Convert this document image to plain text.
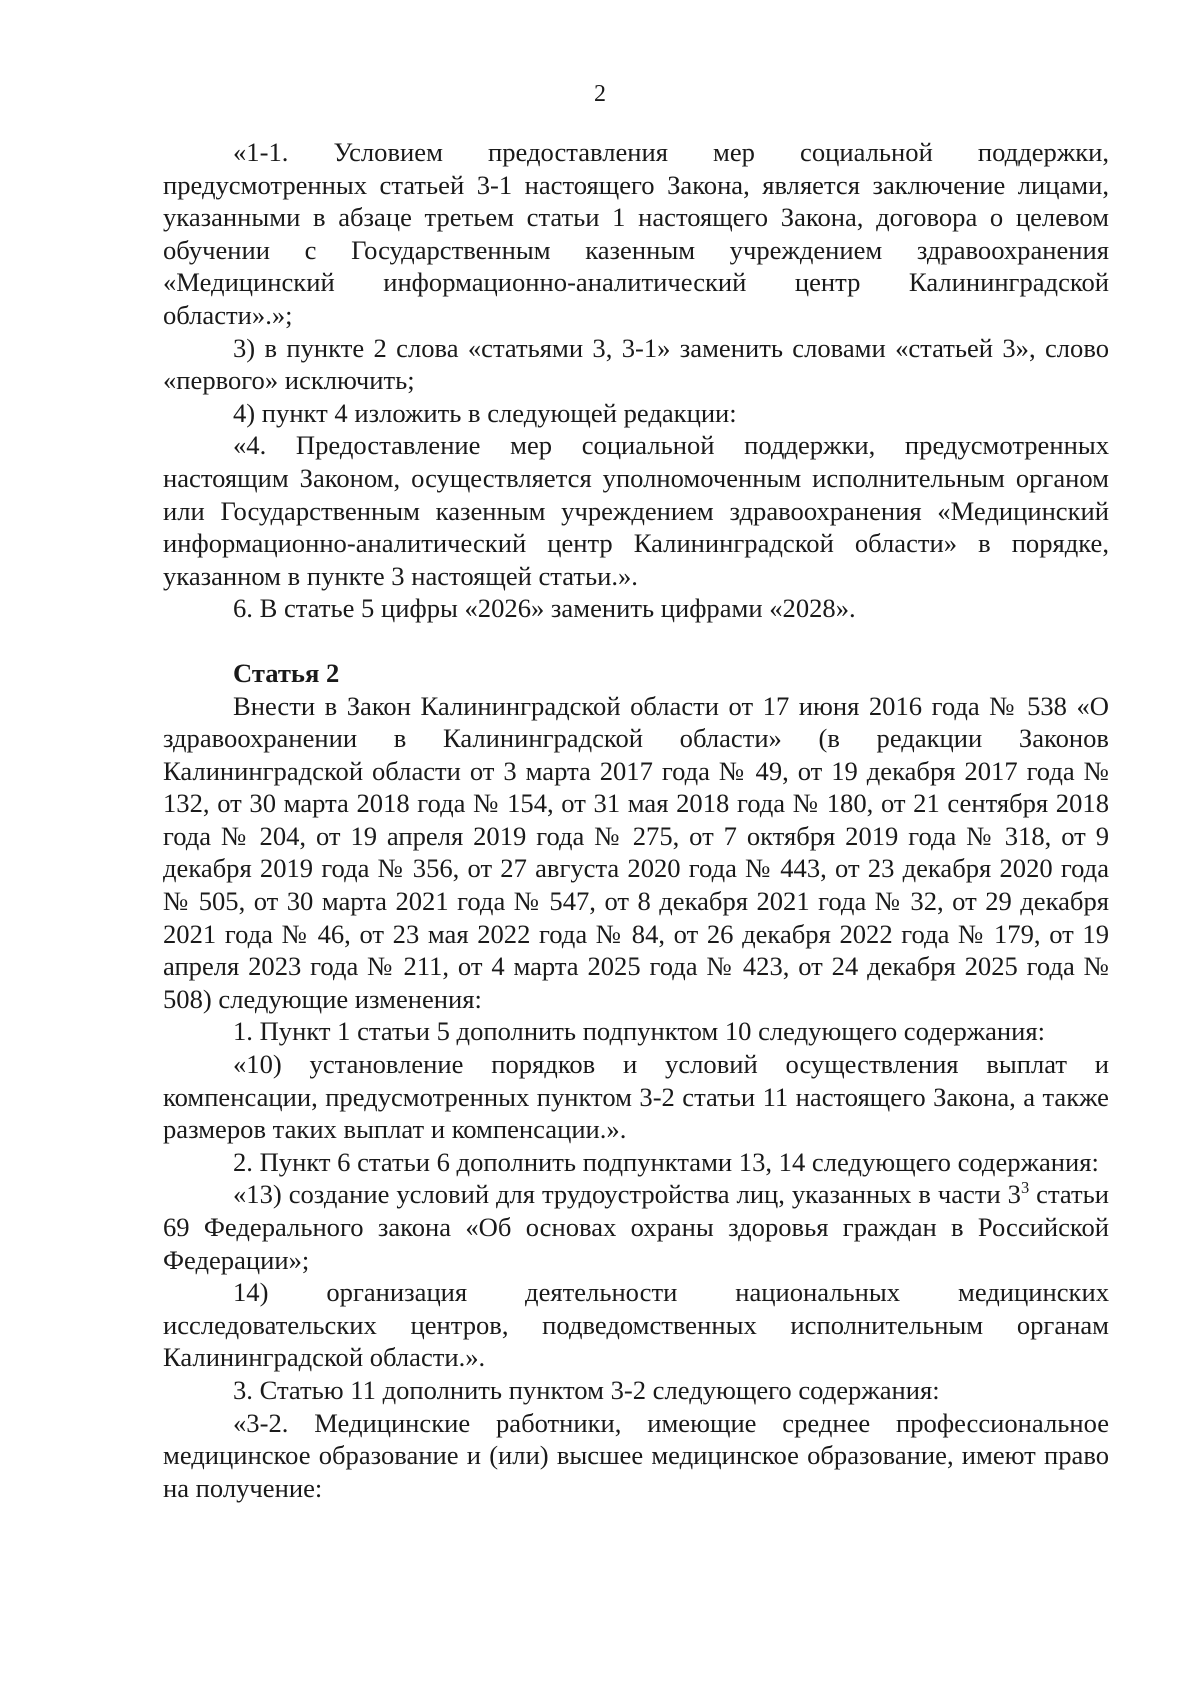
2

«1-1. Условием предоставления мер социальной поддержки, предусмотренных статьей 3-1 настоящего Закона, является заключение лицами, указанными в абзаце третьем статьи 1 настоящего Закона, договора о целевом обучении с Государственным казенным учреждением здравоохранения «Медицинский информационно-аналитический центр Калининградской области».»;

3) в пункте 2 слова «статьями 3, 3-1» заменить словами «статьей 3», слово «первого» исключить;

4) пункт 4 изложить в следующей редакции:

«4. Предоставление мер социальной поддержки, предусмотренных настоящим Законом, осуществляется уполномоченным исполнительным органом или Государственным казенным учреждением здравоохранения «Медицинский информационно-аналитический центр Калининградской области» в порядке, указанном в пункте 3 настоящей статьи.».

6. В статье 5 цифры «2026» заменить цифрами «2028».

Статья 2

Внести в Закон Калининградской области от 17 июня 2016 года № 538 «О здравоохранении в Калининградской области» (в редакции Законов Калининградской области от 3 марта 2017 года № 49, от 19 декабря 2017 года № 132, от 30 марта 2018 года № 154, от 31 мая 2018 года № 180, от 21 сентября 2018 года № 204, от 19 апреля 2019 года № 275, от 7 октября 2019 года № 318, от 9 декабря 2019 года № 356, от 27 августа 2020 года № 443, от 23 декабря 2020 года № 505, от 30 марта 2021 года № 547, от 8 декабря 2021 года № 32, от 29 декабря 2021 года № 46, от 23 мая 2022 года № 84, от 26 декабря 2022 года № 179, от 19 апреля 2023 года № 211, от 4 марта 2025 года № 423, от 24 декабря 2025 года № 508) следующие изменения:

1. Пункт 1 статьи 5 дополнить подпунктом 10 следующего содержания:

«10) установление порядков и условий осуществления выплат и компенсации, предусмотренных пунктом 3-2 статьи 11 настоящего Закона, а также размеров таких выплат и компенсации.».

2. Пункт 6 статьи 6 дополнить подпунктами 13, 14 следующего содержания:

«13) создание условий для трудоустройства лиц, указанных в части $3^3$ статьи 69 Федерального закона «Об основах охраны здоровья граждан в Российской Федерации»;

14) организация деятельности национальных медицинских исследовательских центров, подведомственных исполнительным органам Калининградской области.».

3. Статью 11 дополнить пунктом 3-2 следующего содержания:

«3-2. Медицинские работники, имеющие среднее профессиональное медицинское образование и (или) высшее медицинское образование, имеют право на получение:
